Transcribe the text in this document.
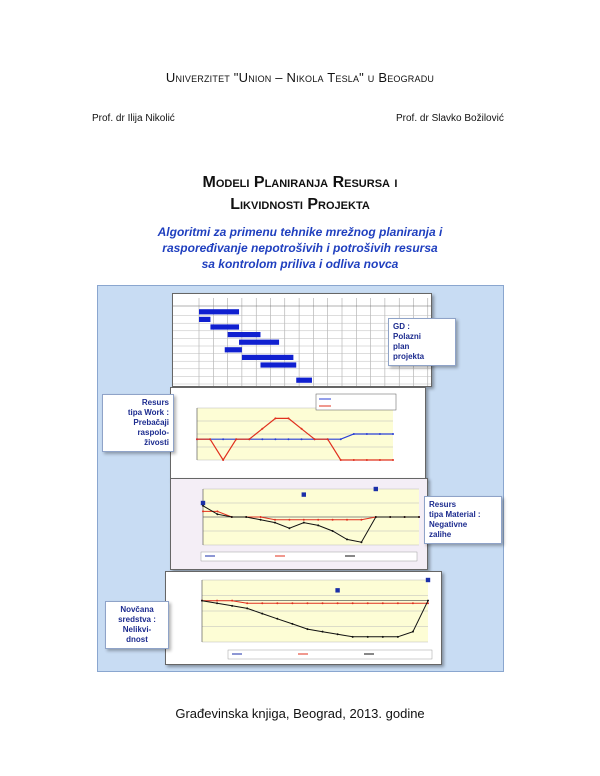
Univerzitet "Union – Nikola Tesla" u Beogradu
Prof. dr Ilija Nikolić	Prof. dr Slavko Božilović
Modeli Planiranja Resursa i
Likvidnosti Projekta
Algoritmi za primenu tehnike mrežnog planiranja i
raspoređivanje nepotrošivih i potrošivih resursa
sa kontrolom priliva i odliva novca
GD :
Polazni
plan
projekta
Resurs
tipa Work :
Prebačaji
raspolo-
živosti
Resurs
tipa Material :
Negativne
zalihe
Novčana
sredstva :
Nelikvi-
dnost
Građevinska knjiga, Beograd, 2013. godine
